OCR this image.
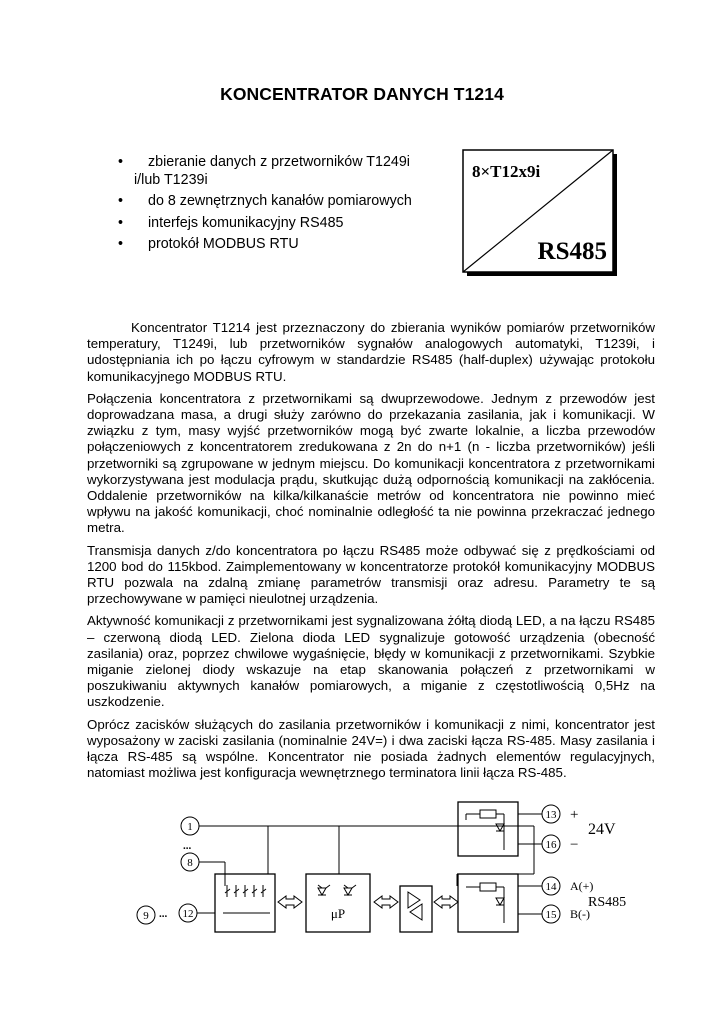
KONCENTRATOR DANYCH T1214
• zbieranie danych z przetworników T1249i
i/lub T1239i
• do 8 zewnętrznych kanałów pomiarowych
• interfejs komunikacyjny RS485
• protokół MODBUS RTU
8×T12x9i
RS485

Koncentrator T1214 jest przeznaczony do zbierania wyników pomiarów przetworników temperatury, T1249i, lub przetworników sygnałów analogowych automatyki, T1239i, i udostępniania ich po łączu cyfrowym w standardzie RS485 (half-duplex) używając protokołu komunikacyjnego MODBUS RTU.

Połączenia koncentratora z przetwornikami są dwuprzewodowe. Jednym z przewodów jest doprowadzana masa, a drugi służy zarówno do przekazania zasilania, jak i komunikacji. W związku z tym, masy wyjść przetworników mogą być zwarte lokalnie, a liczba przewodów połączeniowych z koncentratorem zredukowana z 2n do n+1 (n - liczba przetworników) jeśli przetworniki są zgrupowane w jednym miejscu. Do komunikacji koncentratora z przetwornikami wykorzystywana jest modulacja prądu, skutkując dużą odpornością komunikacji na zakłócenia. Oddalenie przetworników na kilka/kilkanaście metrów od koncentratora nie powinno mieć wpływu na jakość komunikacji, choć nominalnie odległość ta nie powinna przekraczać jednego metra.

Transmisja danych z/do koncentratora po łączu RS485 może odbywać się z prędkościami od 1200 bod do 115kbod. Zaimplementowany w koncentratorze protokół komunikacyjny MODBUS RTU pozwala na zdalną zmianę parametrów transmisji oraz adresu. Parametry te są przechowywane w pamięci nieulotnej urządzenia.

Aktywność komunikacji z przetwornikami jest sygnalizowana żółtą diodą LED, a na łączu RS485 – czerwoną diodą LED. Zielona dioda LED sygnalizuje gotowość urządzenia (obecność zasilania) oraz, poprzez chwilowe wygaśnięcie, błędy w komunikacji z przetwornikami. Szybkie miganie zielonej diody wskazuje na etap skanowania połączeń z przetwornikami w poszukiwaniu aktywnych kanałów pomiarowych, a miganie z częstotliwością 0,5Hz na uszkodzenie.

Oprócz zacisków służących do zasilania przetworników i komunikacji z nimi, koncentrator jest wyposażony w zaciski zasilania (nominalnie 24V=) i dwa zaciski łącza RS-485. Masy zasilania i łącza RS-485 są wspólne. Koncentrator nie posiada żadnych elementów regulacyjnych, natomiast możliwa jest konfiguracja wewnętrznego terminatora linii łącza RS-485.

1
...
8
9 ... 12	μP
13
16
14
15
+
−
24V
A(+)
B(-)
RS485
